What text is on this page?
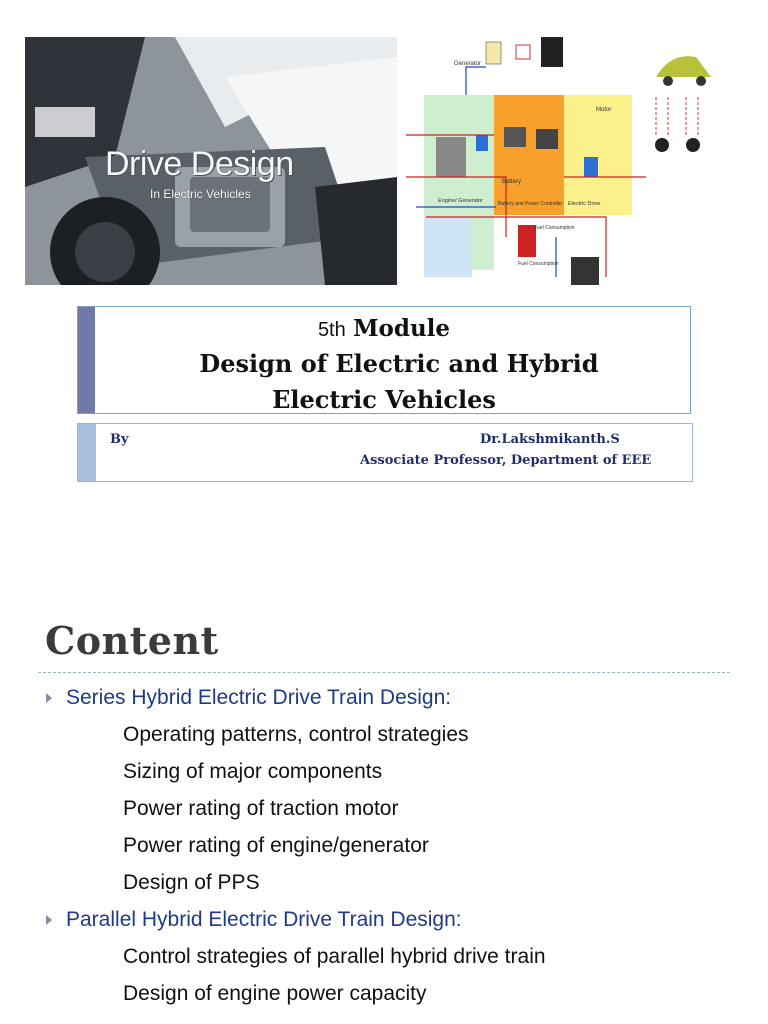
Drive Design
In Electric Vehicles
Generator
Motor
Battery
Engine/ Generator	Battery and Power Controller Electric Drive
Fuel Consumption
Fuel Consumption
5th Module
Design of Electric and Hybrid
Electric Vehicles
By	Dr.Lakshmikanth.S
Associate Professor, Department of EEE
Content
Series Hybrid Electric Drive Train Design:
Operating patterns, control strategies
Sizing of major components
Power rating of traction motor
Power rating of engine/generator
Design of PPS
Parallel Hybrid Electric Drive Train Design:
Control strategies of parallel hybrid drive train
Design of engine power capacity
